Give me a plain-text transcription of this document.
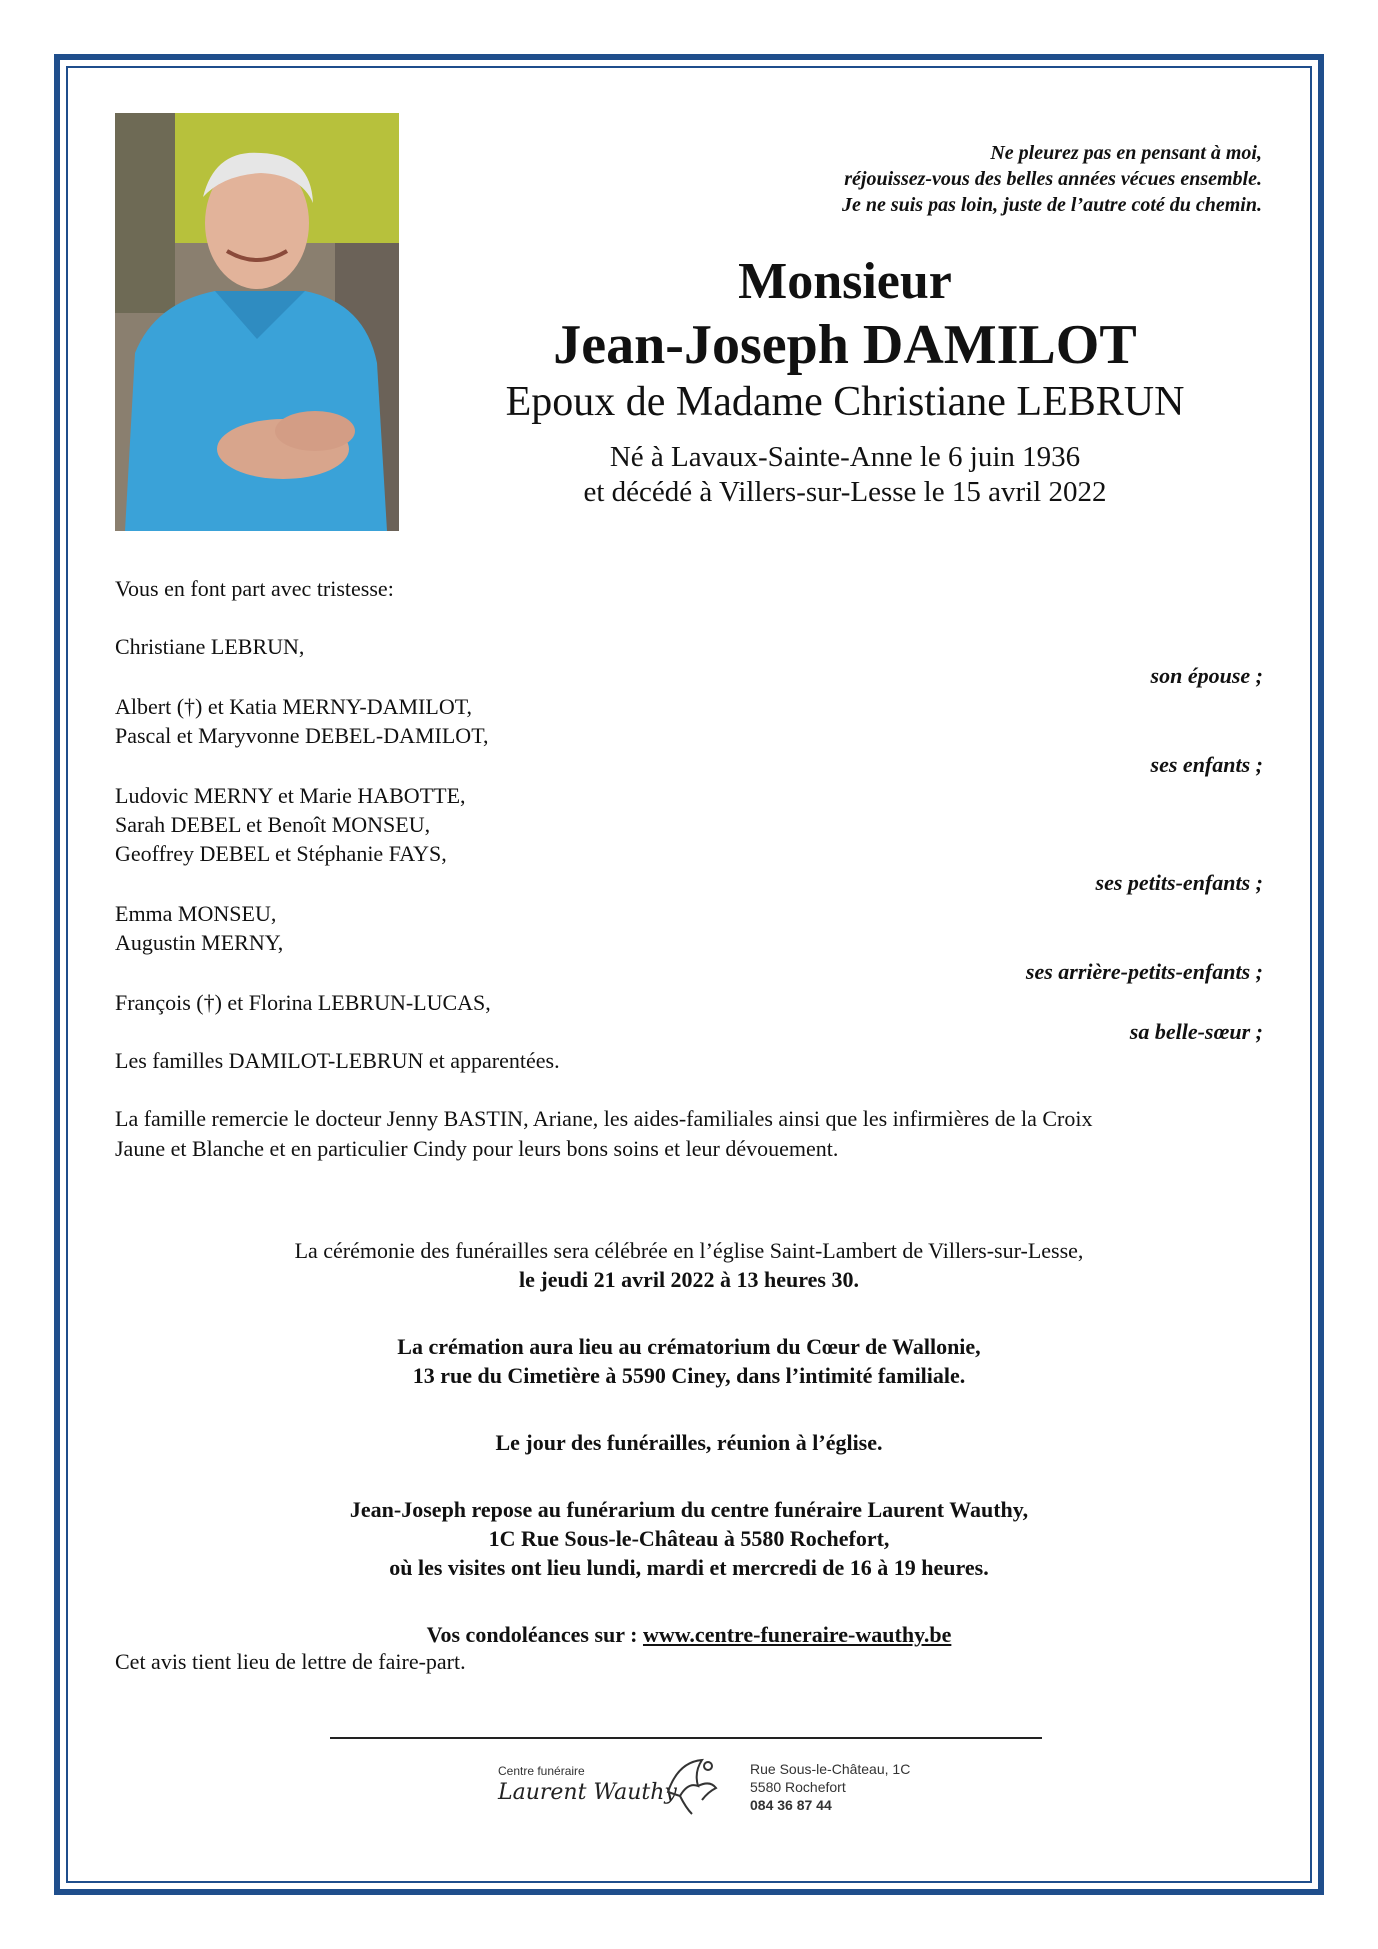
Ne pleurez pas en pensant à moi,
réjouissez-vous des belles années vécues ensemble.
Je ne suis pas loin, juste de l’autre coté du chemin.
Monsieur
Jean-Joseph DAMILOT
Epoux de Madame Christiane LEBRUN
Né à Lavaux-Sainte-Anne le 6 juin 1936
et décédé à Villers-sur-Lesse le 15 avril 2022
Vous en font part avec tristesse:
Christiane LEBRUN,
son épouse ;
Albert (†) et Katia MERNY-DAMILOT,
Pascal et Maryvonne DEBEL-DAMILOT,
ses enfants ;
Ludovic MERNY et Marie HABOTTE,
Sarah DEBEL et Benoît MONSEU,
Geoffrey DEBEL et Stéphanie FAYS,
ses petits-enfants ;
Emma MONSEU,
Augustin MERNY,
ses arrière-petits-enfants ;
François (†) et Florina LEBRUN-LUCAS,
sa belle-sœur ;
Les familles DAMILOT-LEBRUN et apparentées.
La famille remercie le docteur Jenny BASTIN, Ariane, les aides-familiales ainsi que les infirmières de la Croix
Jaune et Blanche et en particulier Cindy pour leurs bons soins et leur dévouement.
La cérémonie des funérailles sera célébrée en l’église Saint-Lambert de Villers-sur-Lesse,
le jeudi 21 avril 2022 à 13 heures 30.
La crémation aura lieu au crématorium du Cœur de Wallonie,
13 rue du Cimetière à 5590 Ciney, dans l’intimité familiale.
Le jour des funérailles, réunion à l’église.
Jean-Joseph repose au funérarium du centre funéraire Laurent Wauthy,
1C Rue Sous-le-Château à 5580 Rochefort,
où les visites ont lieu lundi, mardi et mercredi de 16 à 19 heures.
Vos condoléances sur : www.centre-funeraire-wauthy.be
Cet avis tient lieu de lettre de faire-part.
Centre funéraire
Laurent Wauthy
Rue Sous-le-Château, 1C
5580 Rochefort
084 36 87 44
